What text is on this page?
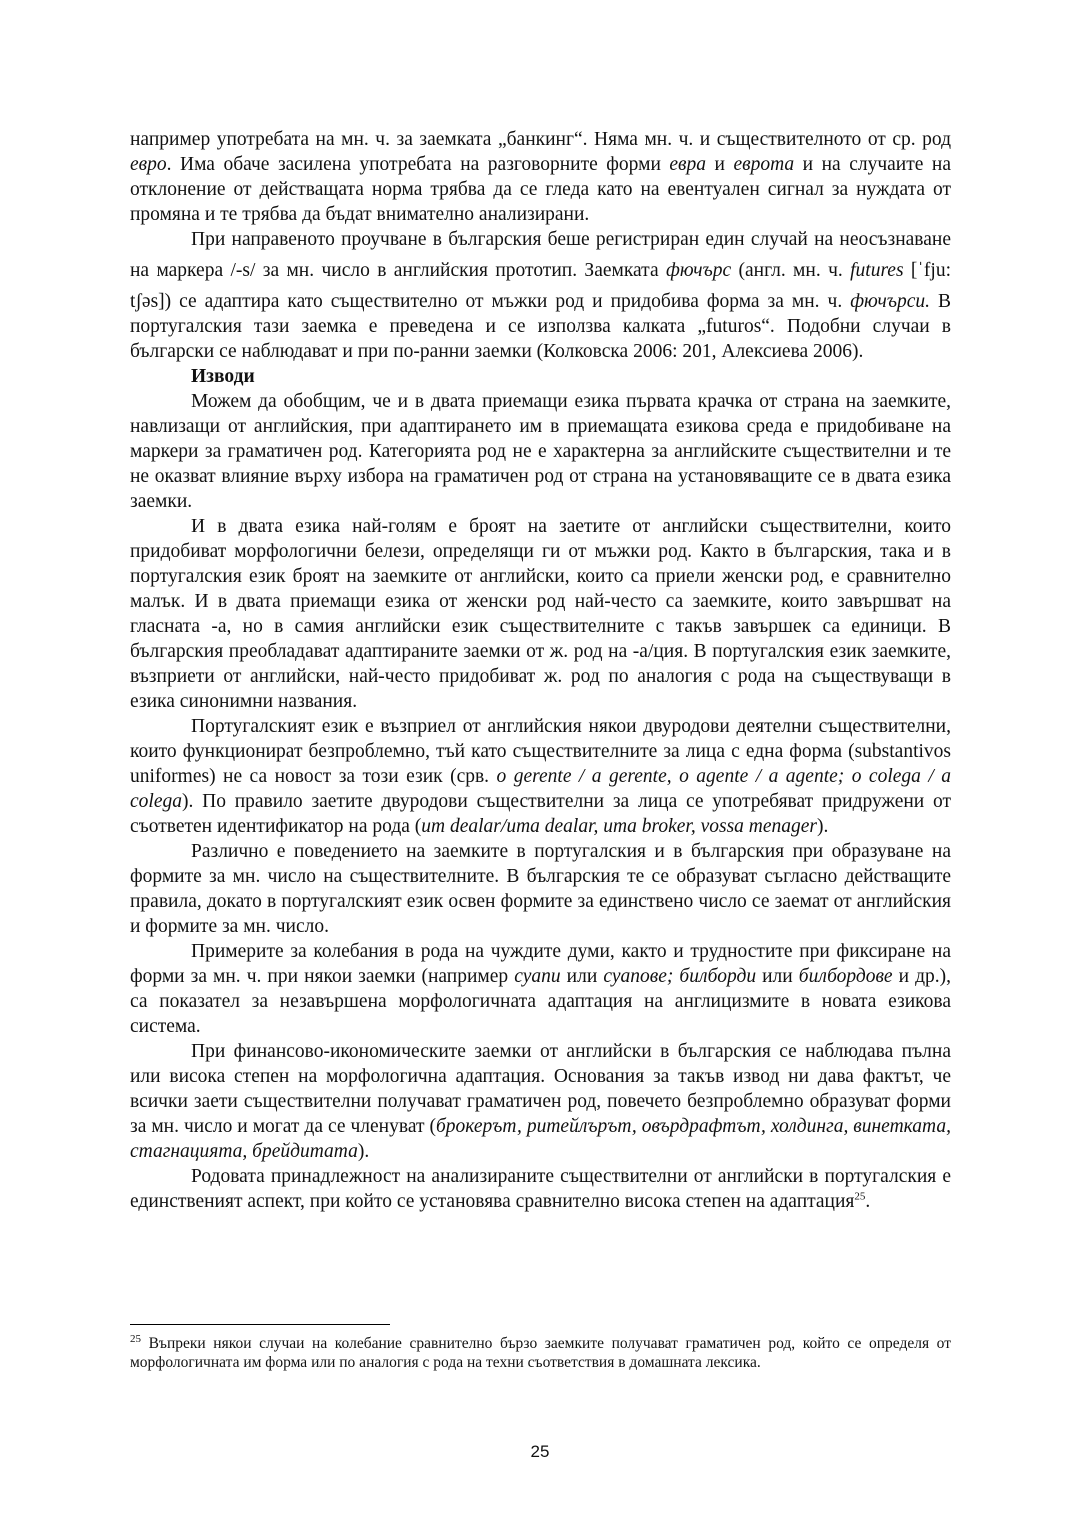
например употребата на мн. ч. за заемката „банкинг“. Няма мн. ч. и съществителното от ср. род евро. Има обаче засилена употребата на разговорните форми евра и еврота и на случаите на отклонение от действащата норма трябва да се гледа като на евентуален сигнал за нуждата от промяна и те трябва да бъдат внимателно анализирани.

При направеното проучване в българския беше регистриран един случай на неосъзнаване на маркера /-s/ за мн. число в английския прототип. Заемката фючърс (англ. мн. ч. futures [ˈfju: tʃəs]) се адаптира като съществително от мъжки род и придобива форма за мн. ч. фючърси. В португалския тази заемка е преведена и се използва калката „futuros“. Подобни случаи в български се наблюдават и при по-ранни заемки (Колковска 2006: 201, Алексиева 2006).

Изводи

Можем да обобщим, че и в двата приемащи езика първата крачка от страна на заемките, навлизащи от английския, при адаптирането им в приемащата езикова среда е придобиване на маркери за граматичен род. Категорията род не е характерна за английските съществителни и те не оказват влияние върху избора на граматичен род от страна на установяващите се в двата езика заемки.

И в двата езика най-голям е броят на заетите от английски съществителни, които придобиват морфологични белези, определящи ги от мъжки род. Както в българския, така и в португалския език броят на заемките от английски, които са приели женски род, е сравнително малък. И в двата приемащи езика от женски род най-често са заемките, които завършват на гласната -а, но в самия английски език съществителните с такъв завършек са единици. В българския преобладават адаптираните заемки от ж. род на -а/ция. В португалския език заемките, възприети от английски, най-често придобиват ж. род по аналогия с рода на съществуващи в езика синонимни названия.

Португалският език е възприел от английския някои двуродови деятелни съществителни, които функционират безпроблемно, тъй като съществителните за лица с една форма (substantivos uniformes) не са новост за този език (срв. o gerente / a gerente, o agente / a agente; o colega / a colega). По правило заетите двуродови съществителни за лица се употребяват придружени от съответен идентификатор на рода (um dealar/uma dealar, uma broker, vossa menager).

Различно е поведението на заемките в португалския и в българския при образуване на формите за мн. число на съществителните. В българския те се образуват съгласно действащите правила, докато в португалският език освен формите за единствено число се заемат от английския и формите за мн. число.

Примерите за колебания в рода на чуждите думи, както и трудностите при фиксиране на форми за мн. ч. при някои заемки (например суапи или суапове; билборди или билбордове и др.), са показател за незавършена морфологичната адаптация на англицизмите в новата езикова система.

При финансово-икономическите заемки от английски в българския се наблюдава пълна или висока степен на морфологична адаптация. Основания за такъв извод ни дава фактът, че всички заети съществителни получават граматичен род, повечето безпроблемно образуват форми за мн. число и могат да се членуват (брокерът, ритейлърът, овърдрафтът, холдинга, винетката, стагнацията, брейдитата).

Родовата принадлежност на анализираните съществителни от английски в португалския е единственият аспект, при който се установява сравнително висока степен на адаптация$^{25}$.

$^{25}$ Въпреки някои случаи на колебание сравнително бързо заемките получават граматичен род, който се определя от морфологичната им форма или по аналогия с рода на техни съответствия в домашната лексика.
25
